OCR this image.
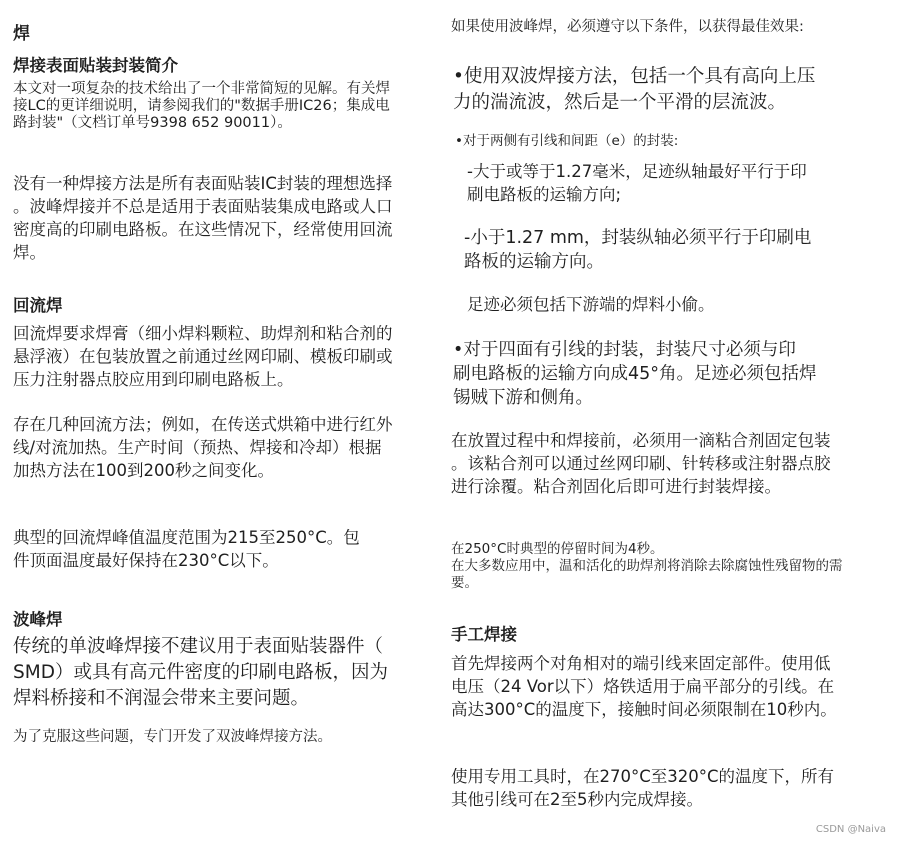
焊

焊接表面贴装封装简介

本文对一项复杂的技术给出了一个非常简短的见解。有关焊
接LC的更详细说明，请参阅我们的"数据手册IC26；集成电
路封装"（文档订单号9398 652 90011）。

没有一种焊接方法是所有表面贴装IC封装的理想选择
。波峰焊接并不总是适用于表面贴装集成电路或人口
密度高的印刷电路板。在这些情况下，经常使用回流
焊。

回流焊

回流焊要求焊膏（细小焊料颗粒、助焊剂和粘合剂的
悬浮液）在包装放置之前通过丝网印刷、模板印刷或
压力注射器点胶应用到印刷电路板上。

存在几种回流方法；例如，在传送式烘箱中进行红外
线/对流加热。生产时间（预热、焊接和冷却）根据
加热方法在100到200秒之间变化。

典型的回流焊峰值温度范围为215至250°C。包
件顶面温度最好保持在230°C以下。

波峰焊

传统的单波峰焊接不建议用于表面贴装器件（
SMD）或具有高元件密度的印刷电路板，因为
焊料桥接和不润湿会带来主要问题。

为了克服这些问题，专门开发了双波峰焊接方法。

如果使用波峰焊，必须遵守以下条件，以获得最佳效果:

•使用双波焊接方法，包括一个具有高向上压
力的湍流波，然后是一个平滑的层流波。

•对于两侧有引线和间距（e）的封装:

-大于或等于1.27毫米，足迹纵轴最好平行于印
刷电路板的运输方向;

-小于1.27 mm，封装纵轴必须平行于印刷电
路板的运输方向。

足迹必须包括下游端的焊料小偷。

•对于四面有引线的封装，封装尺寸必须与印
刷电路板的运输方向成45°角。足迹必须包括焊
锡贼下游和侧角。

在放置过程中和焊接前，必须用一滴粘合剂固定包装
。该粘合剂可以通过丝网印刷、针转移或注射器点胶
进行涂覆。粘合剂固化后即可进行封装焊接。

在250°C时典型的停留时间为4秒。
在大多数应用中，温和活化的助焊剂将消除去除腐蚀性残留物的需
要。

手工焊接

首先焊接两个对角相对的端引线来固定部件。使用低
电压（24 Vor以下）烙铁适用于扁平部分的引线。在
高达300°C的温度下，接触时间必须限制在10秒内。

使用专用工具时，在270°C至320°C的温度下，所有
其他引线可在2至5秒内完成焊接。

CSDN @Naiva
